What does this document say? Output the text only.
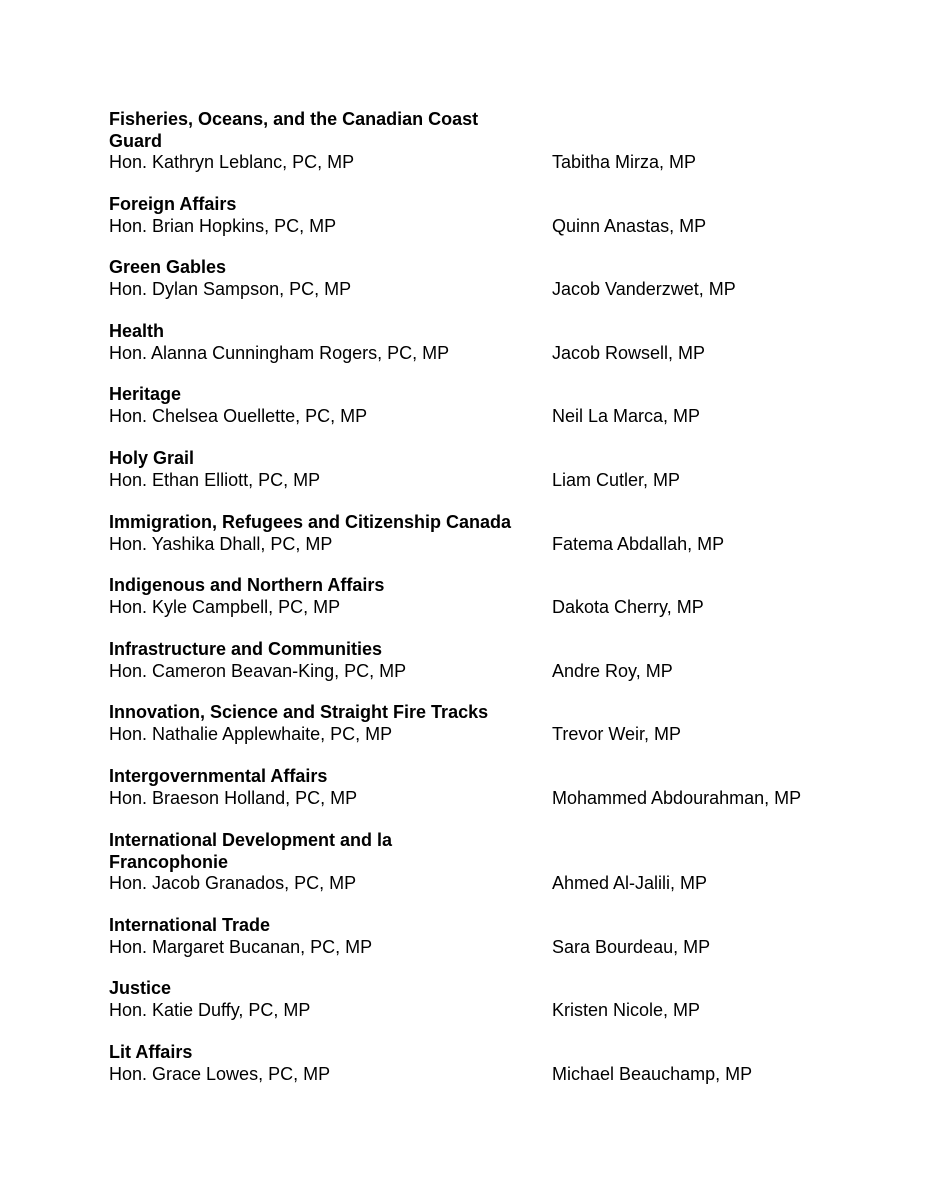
Fisheries, Oceans, and the Canadian Coast Guard
Hon. Kathryn Leblanc, PC, MP	Tabitha Mirza, MP
Foreign Affairs
Hon. Brian Hopkins, PC, MP	Quinn Anastas, MP
Green Gables
Hon. Dylan Sampson, PC, MP	Jacob Vanderzwet, MP
Health
Hon. Alanna Cunningham Rogers, PC, MP	Jacob Rowsell, MP
Heritage
Hon. Chelsea Ouellette, PC, MP	Neil La Marca, MP
Holy Grail
Hon. Ethan Elliott, PC, MP	Liam Cutler, MP
Immigration, Refugees and Citizenship Canada
Hon. Yashika Dhall, PC, MP	Fatema Abdallah, MP
Indigenous and Northern Affairs
Hon. Kyle Campbell, PC, MP	Dakota Cherry, MP
Infrastructure and Communities
Hon. Cameron Beavan-King, PC, MP	Andre Roy, MP
Innovation, Science and Straight Fire Tracks
Hon. Nathalie Applewhaite, PC, MP	Trevor Weir, MP
Intergovernmental Affairs
Hon. Braeson Holland, PC, MP	Mohammed Abdourahman, MP
International Development and la Francophonie
Hon. Jacob Granados, PC, MP	Ahmed Al-Jalili, MP
International Trade
Hon. Margaret Bucanan, PC, MP	Sara Bourdeau, MP
Justice
Hon. Katie Duffy, PC, MP	Kristen Nicole, MP
Lit Affairs
Hon. Grace Lowes, PC, MP	Michael Beauchamp, MP
